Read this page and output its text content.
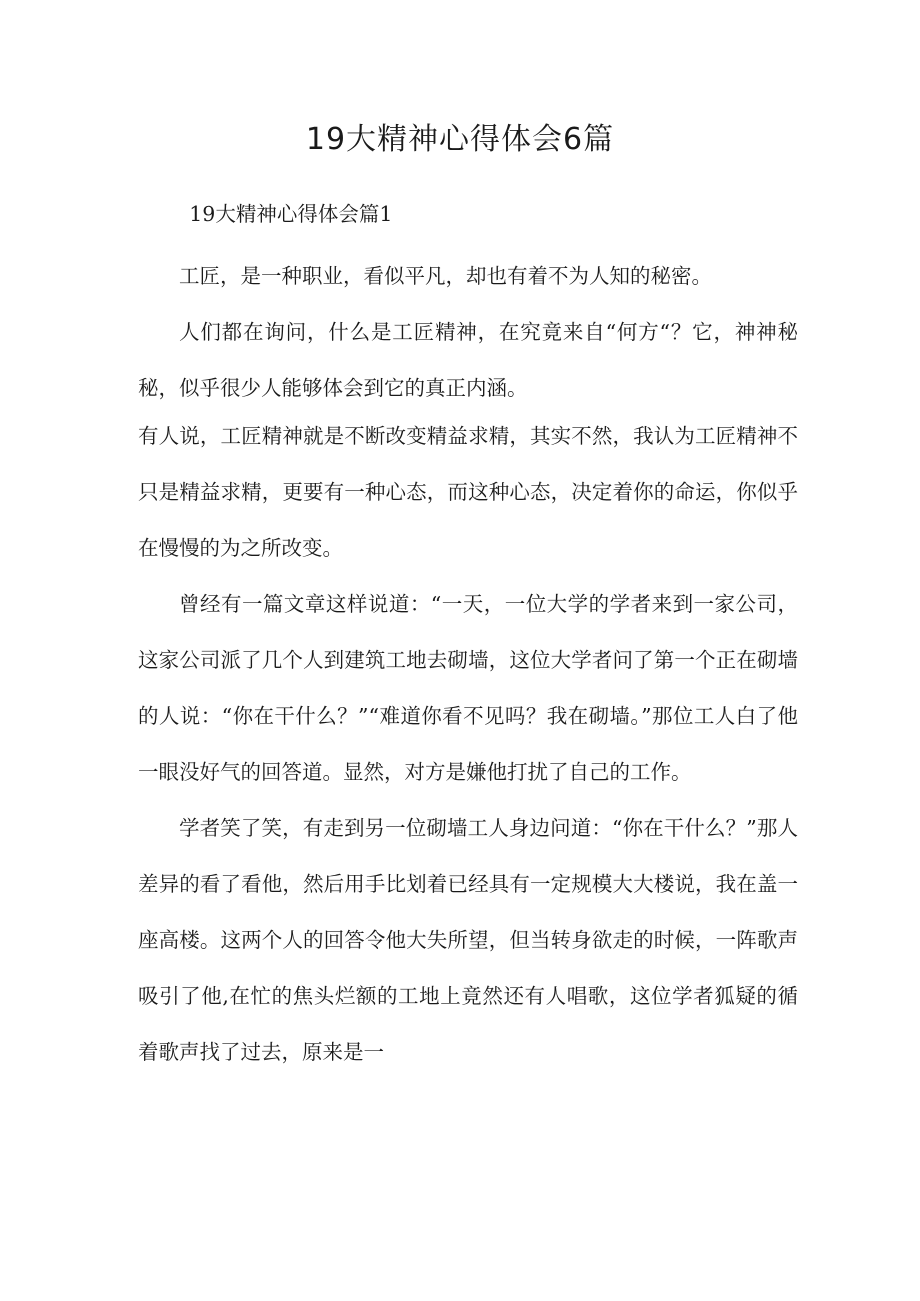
19大精神心得体会6篇

19大精神心得体会篇1

工匠，是一种职业，看似平凡，却也有着不为人知的秘密。

人们都在询问，什么是工匠精神，在究竟来自“何方“？它，神神秘秘，似乎很少人能够体会到它的真正内涵。

有人说，工匠精神就是不断改变精益求精，其实不然，我认为工匠精神不只是精益求精，更要有一种心态，而这种心态，决定着你的命运，你似乎在慢慢的为之所改变。

曾经有一篇文章这样说道：“一天，一位大学的学者来到一家公司，这家公司派了几个人到建筑工地去砌墙，这位大学者问了第一个正在砌墙的人说：“你在干什么？”“难道你看不见吗？我在砌墙。”那位工人白了他一眼没好气的回答道。显然，对方是嫌他打扰了自己的工作。

学者笑了笑，有走到另一位砌墙工人身边问道：“你在干什么？”那人差异的看了看他，然后用手比划着已经具有一定规模大大楼说，我在盖一座高楼。这两个人的回答令他大失所望，但当转身欲走的时候，一阵歌声吸引了他,在忙的焦头烂额的工地上竟然还有人唱歌，这位学者狐疑的循着歌声找了过去，原来是一
